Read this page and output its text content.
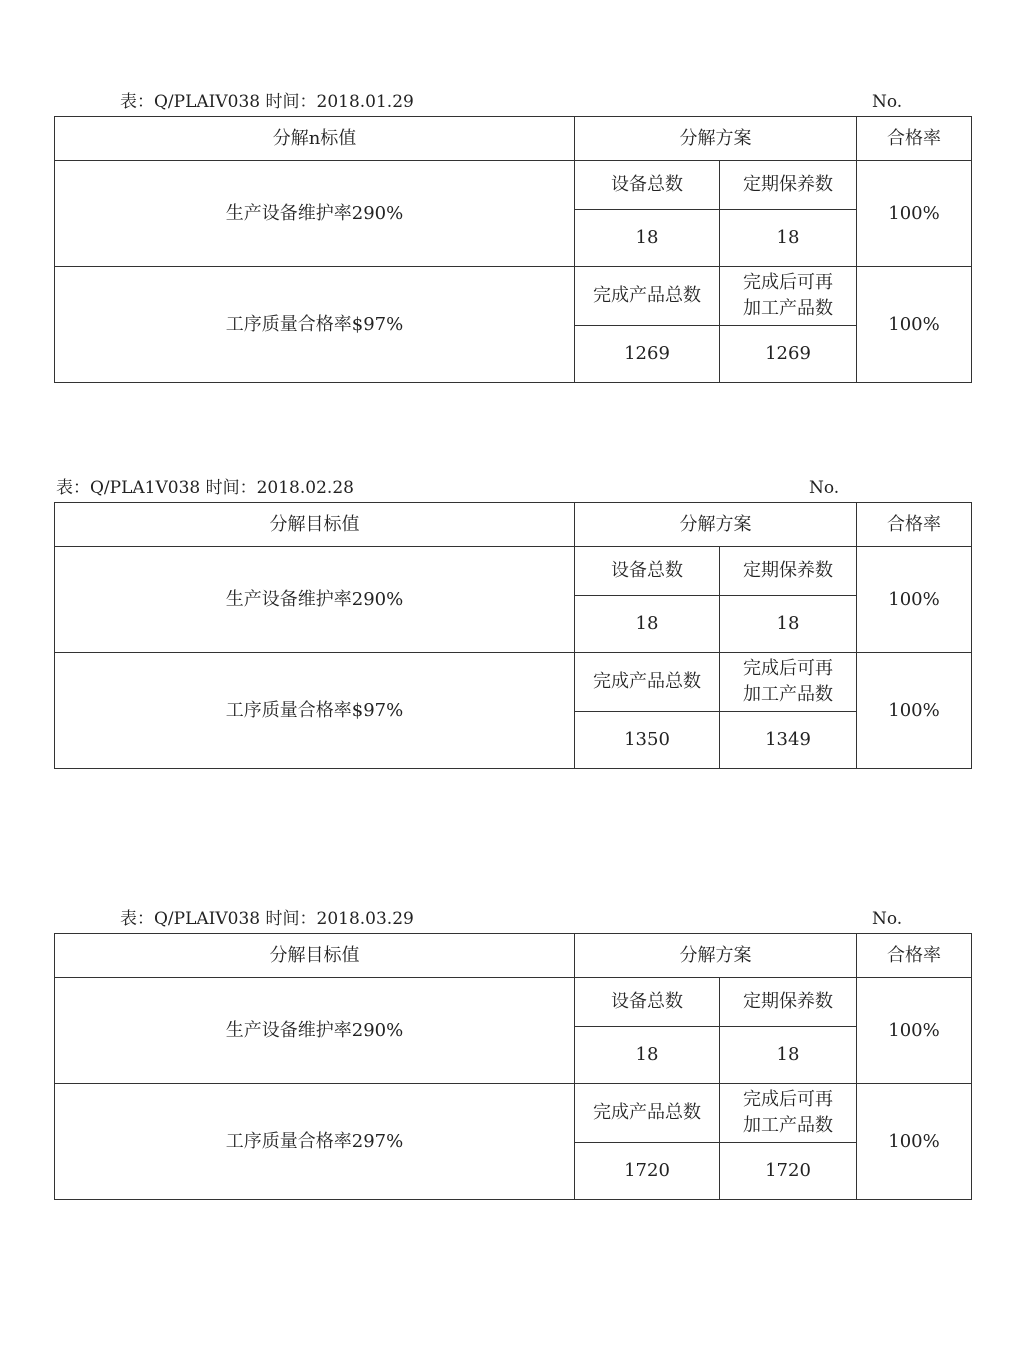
表：Q/PLAIV038 时间：2018.01.29	No.
分解n标值	分解方案		合格率
生产设备维护率290%	设备总数	定期保养数	100%
	18	18	
工序质量合格率$97%	完成产品总数	完成后可再
加工产品数	100%
	1269	1269	
表：Q/PLA1V038 时间：2018.02.28	No.
分解目标值	分解方案		合格率
生产设备维护率290%	设备总数	定期保养数	100%
	18	18	
工序质量合格率$97%	完成产品总数	完成后可再
加工产品数	100%
	1350	1349	
表：Q/PLAIV038 时间：2018.03.29	No.
分解目标值	分解方案		合格率
生产设备维护率290%	设备总数	定期保养数	100%
	18	18	
工序质量合格率297%	完成产品总数	完成后可再
加工产品数	100%
	1720	1720	
